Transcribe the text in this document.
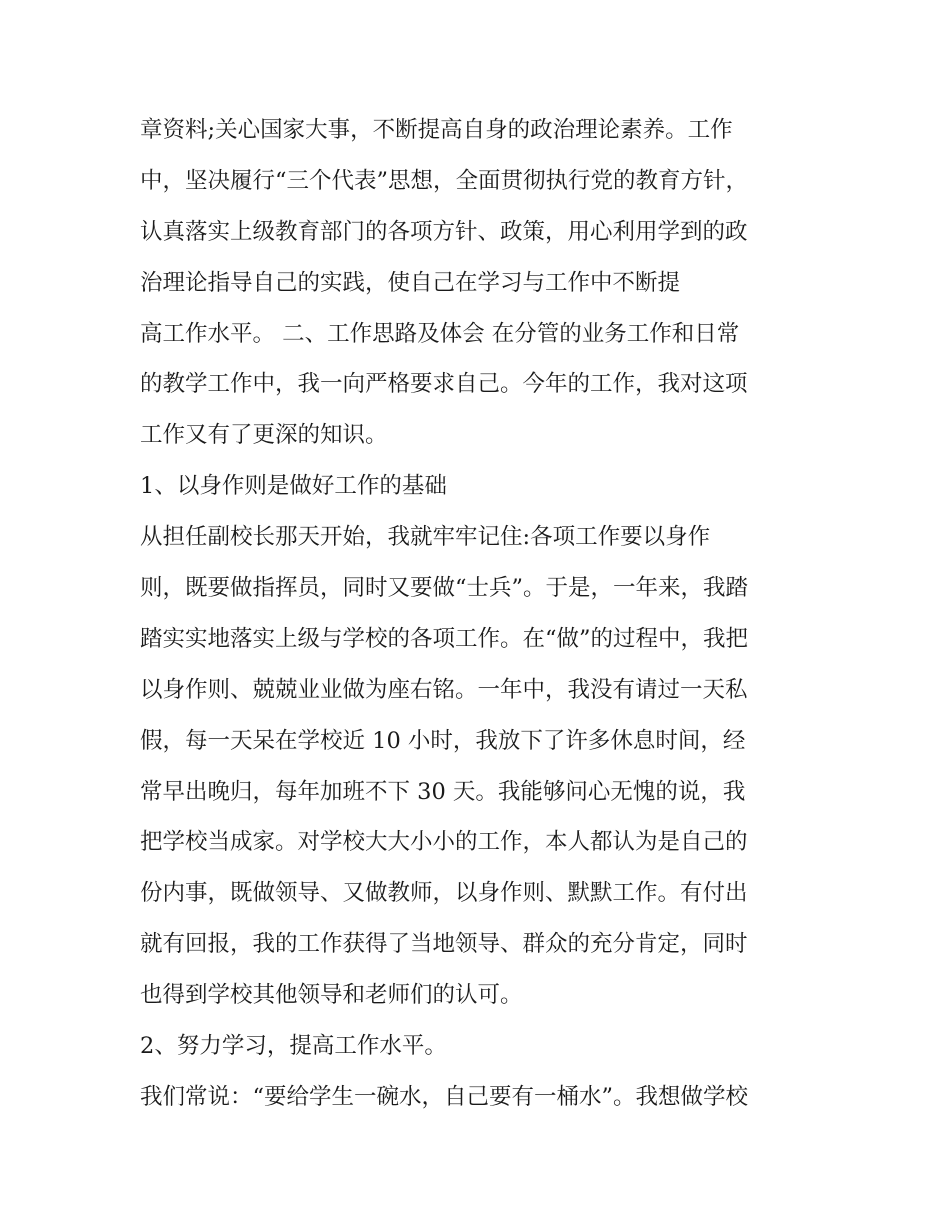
章资料;关心国家大事，不断提高自身的政治理论素养。工作
中，坚决履行“三个代表”思想，全面贯彻执行党的教育方针，
认真落实上级教育部门的各项方针、政策，用心利用学到的政
治理论指导自己的实践，使自己在学习与工作中不断提
高工作水平。 二、工作思路及体会 在分管的业务工作和日常
的教学工作中，我一向严格要求自己。今年的工作，我对这项
工作又有了更深的知识。
1、以身作则是做好工作的基础
从担任副校长那天开始，我就牢牢记住:各项工作要以身作
则，既要做指挥员，同时又要做“士兵”。于是，一年来，我踏
踏实实地落实上级与学校的各项工作。在“做”的过程中，我把
以身作则、兢兢业业做为座右铭。一年中，我没有请过一天私
假，每一天呆在学校近 10 小时，我放下了许多休息时间，经
常早出晚归，每年加班不下 30 天。我能够问心无愧的说，我
把学校当成家。对学校大大小小的工作，本人都认为是自己的
份内事，既做领导、又做教师，以身作则、默默工作。有付出
就有回报，我的工作获得了当地领导、群众的充分肯定，同时
也得到学校其他领导和老师们的认可。
2、努力学习，提高工作水平。
我们常说：“要给学生一碗水，自己要有一桶水”。我想做学校
